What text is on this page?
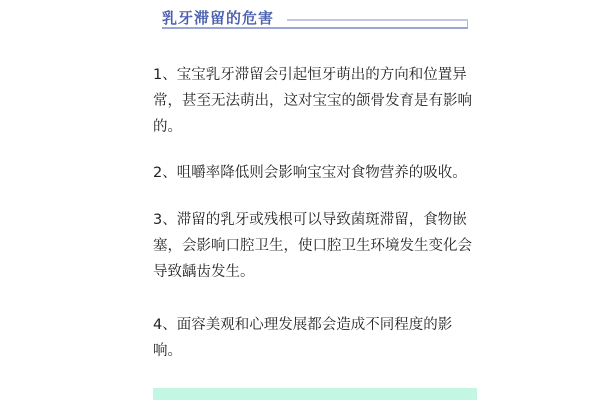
乳牙滞留的危害
1、宝宝乳牙滞留会引起恒牙萌出的方向和位置异
常，甚至无法萌出，这对宝宝的颌骨发育是有影响
的。
2、咀嚼率降低则会影响宝宝对食物营养的吸收。
3、滞留的乳牙或残根可以导致菌斑滞留，食物嵌
塞，会影响口腔卫生，使口腔卫生环境发生变化会
导致龋齿发生。
4、面容美观和心理发展都会造成不同程度的影
响。
